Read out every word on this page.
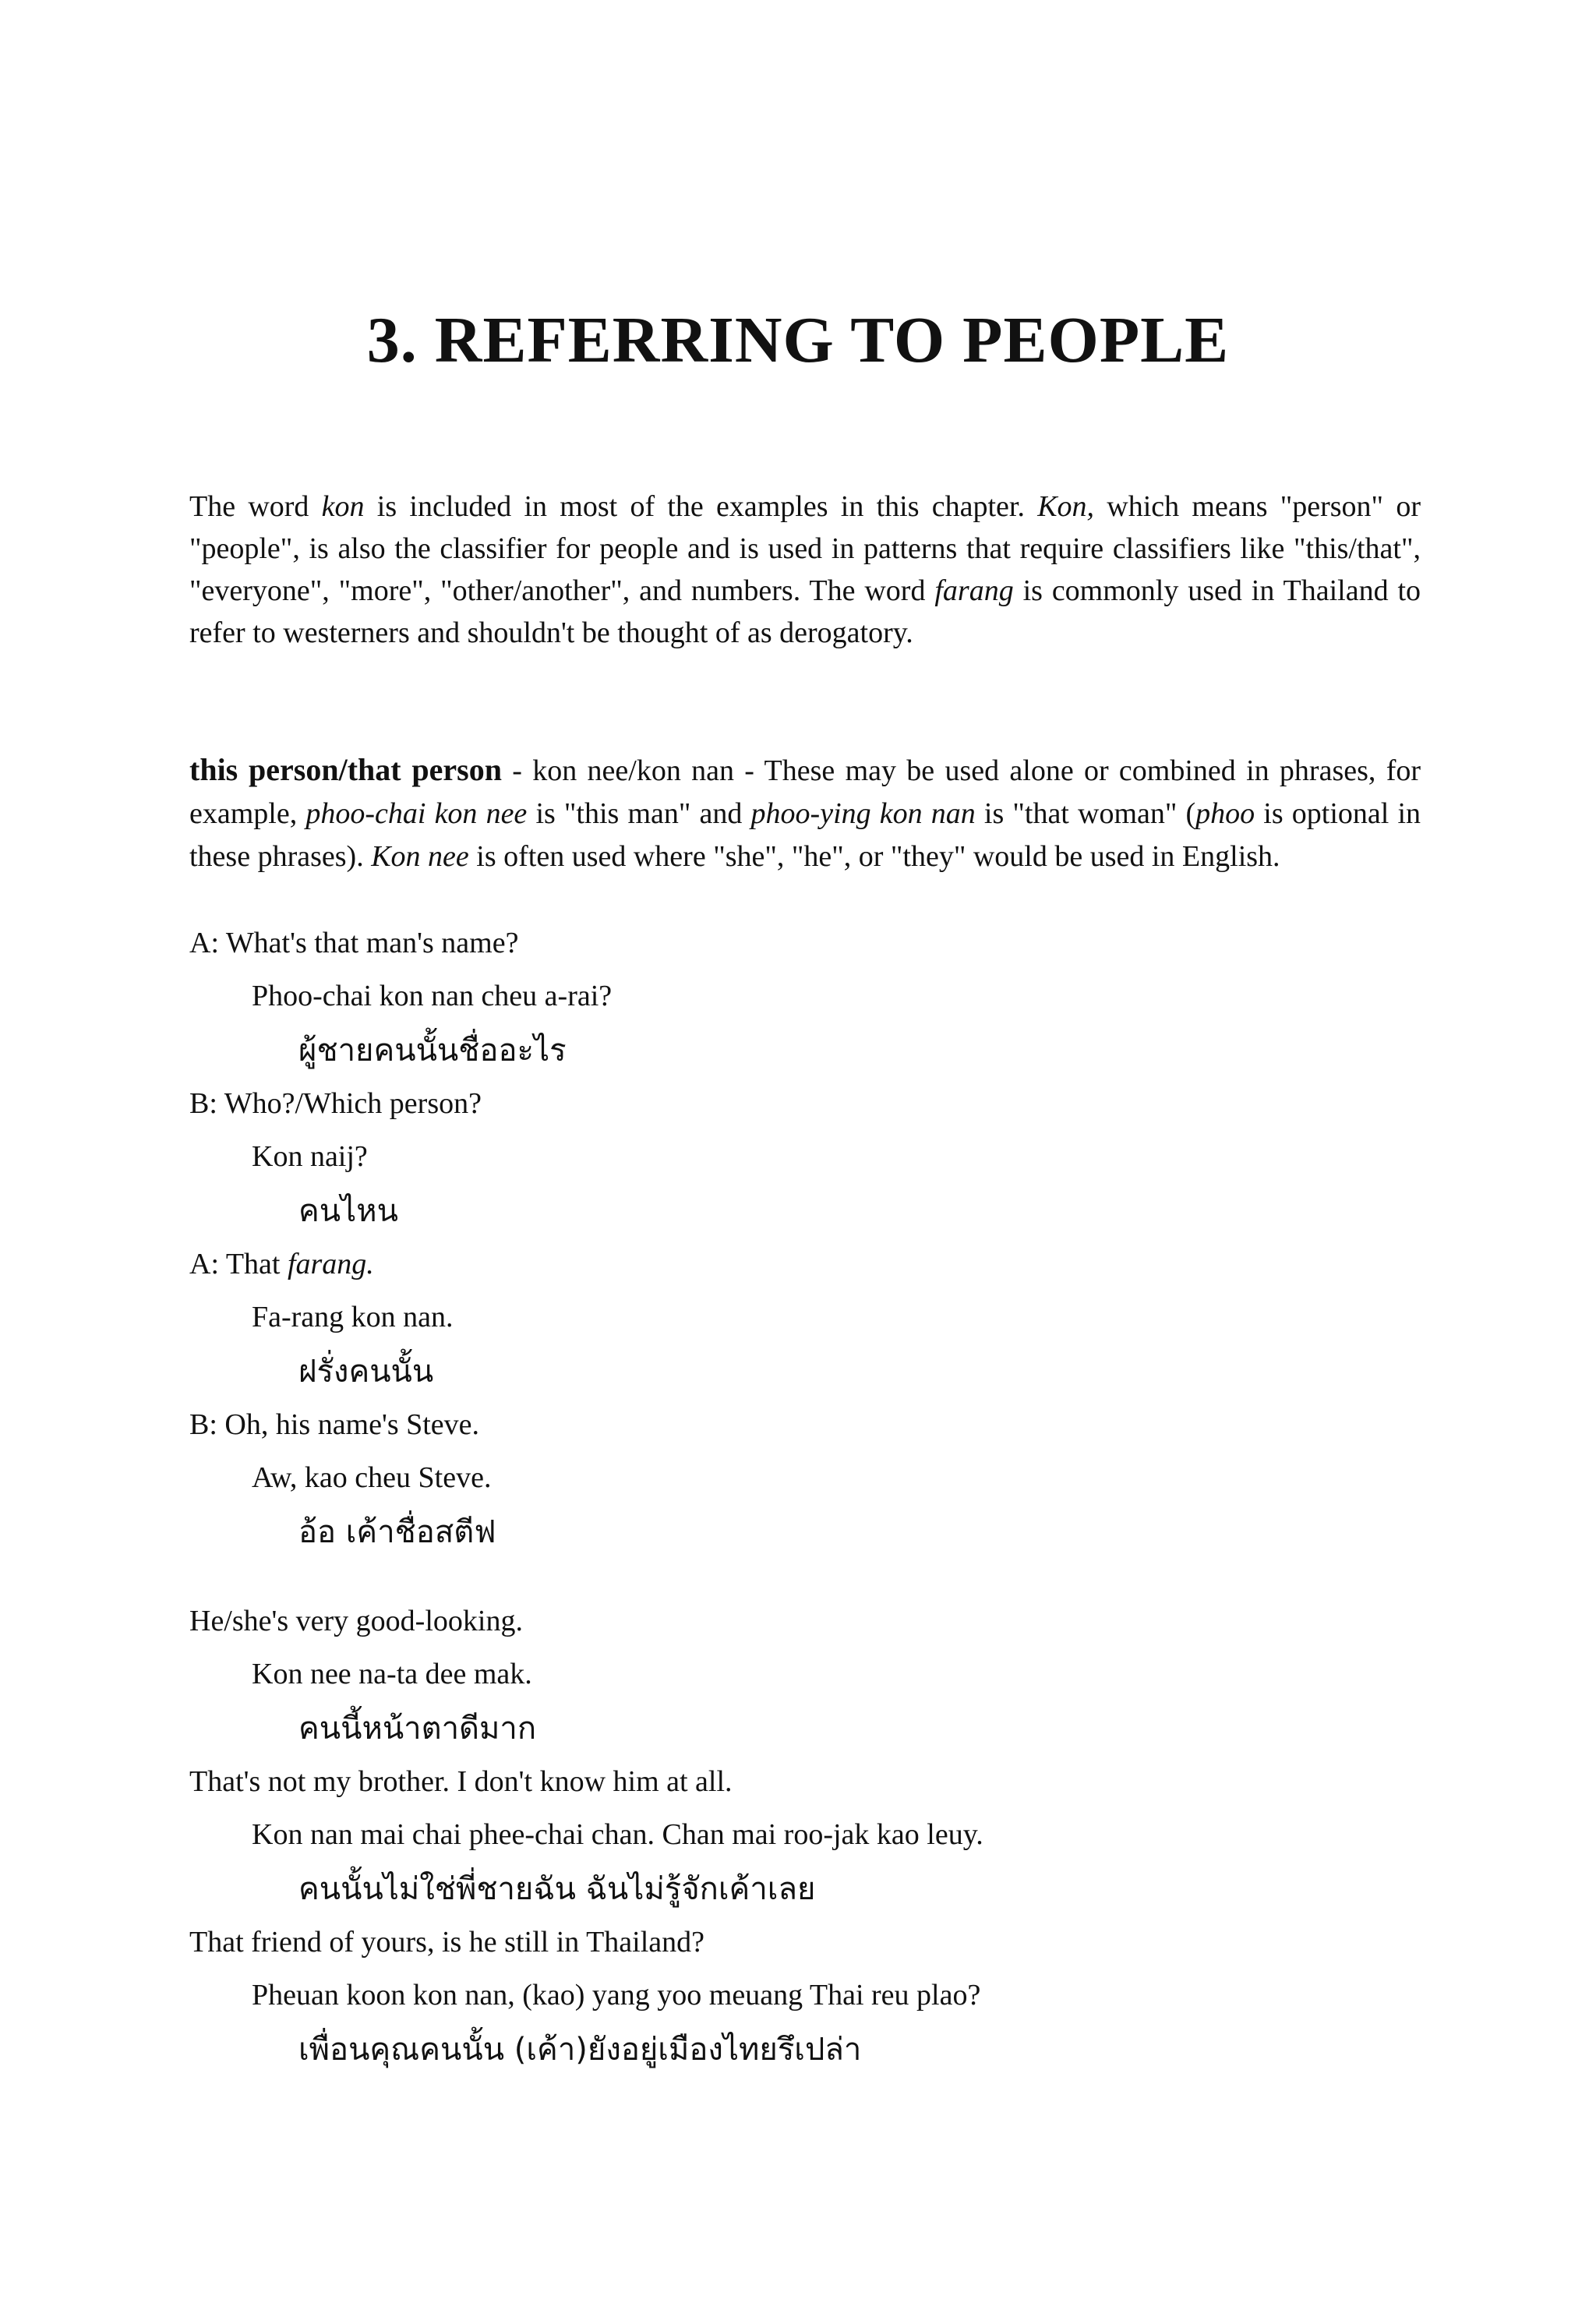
3. REFERRING TO PEOPLE

The word kon is included in most of the examples in this chapter. Kon, which means "person" or "people", is also the classifier for people and is used in patterns that require classifiers like "this/that", "everyone", "more", "other/another", and numbers. The word farang is commonly used in Thailand to refer to westerners and shouldn't be thought of as derogatory.

this person/that person - kon nee/kon nan - These may be used alone or combined in phrases, for example, phoo-chai kon nee is "this man" and phoo-ying kon nan is "that woman" (phoo is optional in these phrases). Kon nee is often used where "she", "he", or "they" would be used in English.

A: What's that man's name?
Phoo-chai kon nan cheu a-rai?
ผู้ชายคนนั้นชื่ออะไร
B: Who?/Which person?
Kon naij?
คนไหน
A: That farang.
Fa-rang kon nan.
ฝรั่งคนนั้น
B: Oh, his name's Steve.
Aw, kao cheu Steve.
อ้อ เค้าชื่อสตีฟ
He/she's very good-looking.
Kon nee na-ta dee mak.
คนนี้หน้าตาดีมาก
That's not my brother. I don't know him at all.
Kon nan mai chai phee-chai chan. Chan mai roo-jak kao leuy.
คนนั้นไม่ใช่พี่ชายฉัน ฉันไม่รู้จักเค้าเลย
That friend of yours, is he still in Thailand?
Pheuan koon kon nan, (kao) yang yoo meuang Thai reu plao?
เพื่อนคุณคนนั้น (เค้า)ยังอยู่เมืองไทยรึเปล่า
